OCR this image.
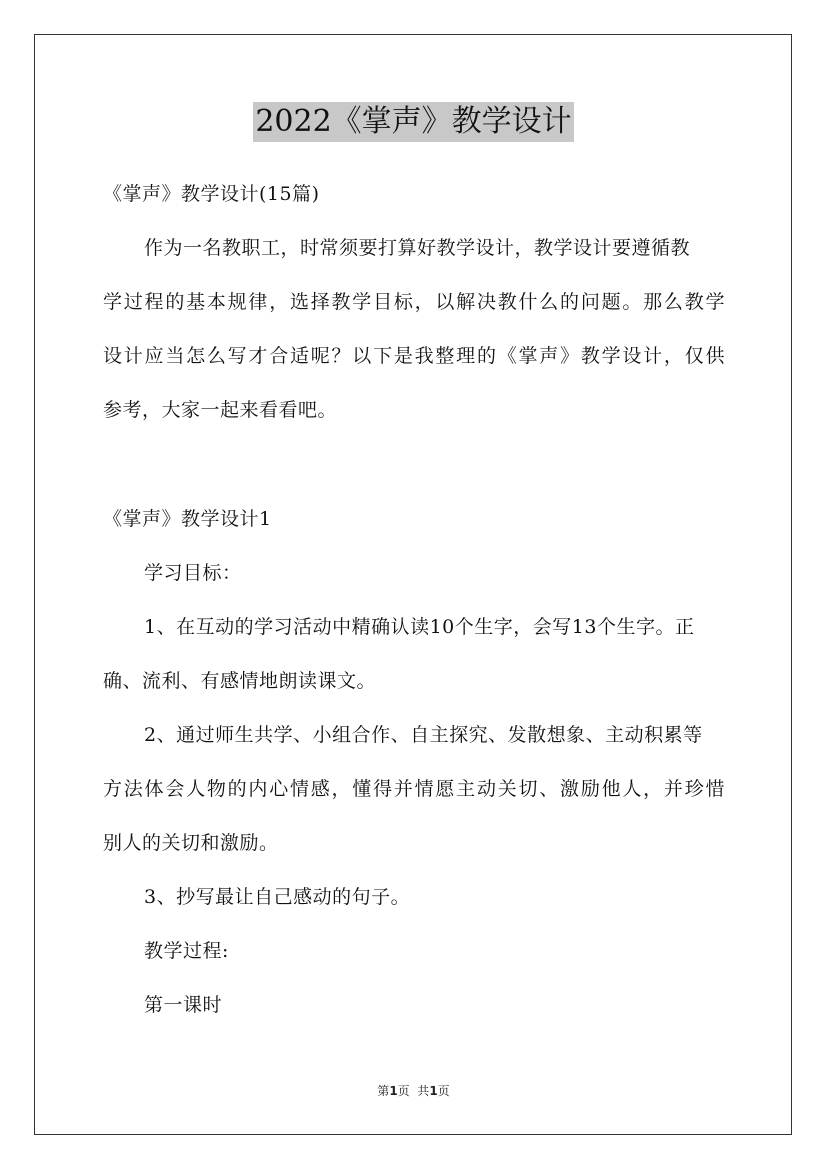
2022《掌声》教学设计
《掌声》教学设计(15篇)
作为一名教职工，时常须要打算好教学设计，教学设计要遵循教
学过程的基本规律，选择教学目标，以解决教什么的问题。那么教学
设计应当怎么写才合适呢？以下是我整理的《掌声》教学设计，仅供
参考，大家一起来看看吧。
《掌声》教学设计1
学习目标：
1、在互动的学习活动中精确认读10个生字，会写13个生字。正
确、流利、有感情地朗读课文。
2、通过师生共学、小组合作、自主探究、发散想象、主动积累等
方法体会人物的内心情感，懂得并情愿主动关切、激励他人，并珍惜
别人的关切和激励。
3、抄写最让自己感动的句子。
教学过程:
第一课时
第1页  共1页
